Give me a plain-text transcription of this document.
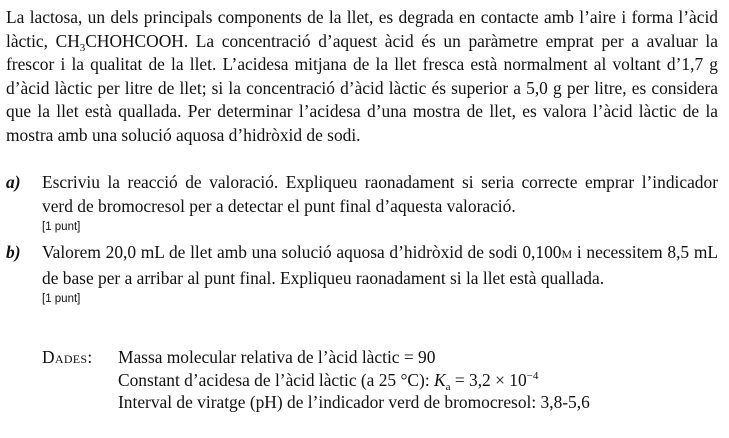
La lactosa, un dels principals components de la llet, es degrada en contacte amb l’aire i forma l’àcid làctic, $CH_3CHOHCOOH$. La concentració d’aquest àcid és un paràmetre emprat per a avaluar la frescor i la qualitat de la llet. L’acidesa mitjana de la llet fresca està normalment al voltant d’1,7 g d’àcid làctic per litre de llet; si la concentració d’àcid làctic és superior a 5,0 g per litre, es considera que la llet està quallada. Per determinar l’acidesa d’una mostra de llet, es valora l’àcid làctic de la mostra amb una solució aquosa d’hidròxid de sodi.

a) Escriviu la reacció de valoració. Expliqueu raonadament si seria correcte emprar l’indicador verd de bromocresol per a detectar el punt final d’aquesta valoració.
[1 punt]
b) Valorem 20,0 mL de llet amb una solució aquosa d’hidròxid de sodi 0,100M i necessitem 8,5 mL de base per a arribar al punt final. Expliqueu raonadament si la llet està quallada.
[1 punt]
Dades: Massa molecular relativa de l’àcid làctic = 90
Constant d’acidesa de l’àcid làctic (a 25 °C): $K_a = 3,2 \times 10^{-4}$
Interval de viratge (pH) de l’indicador verd de bromocresol: 3,8-5,6
